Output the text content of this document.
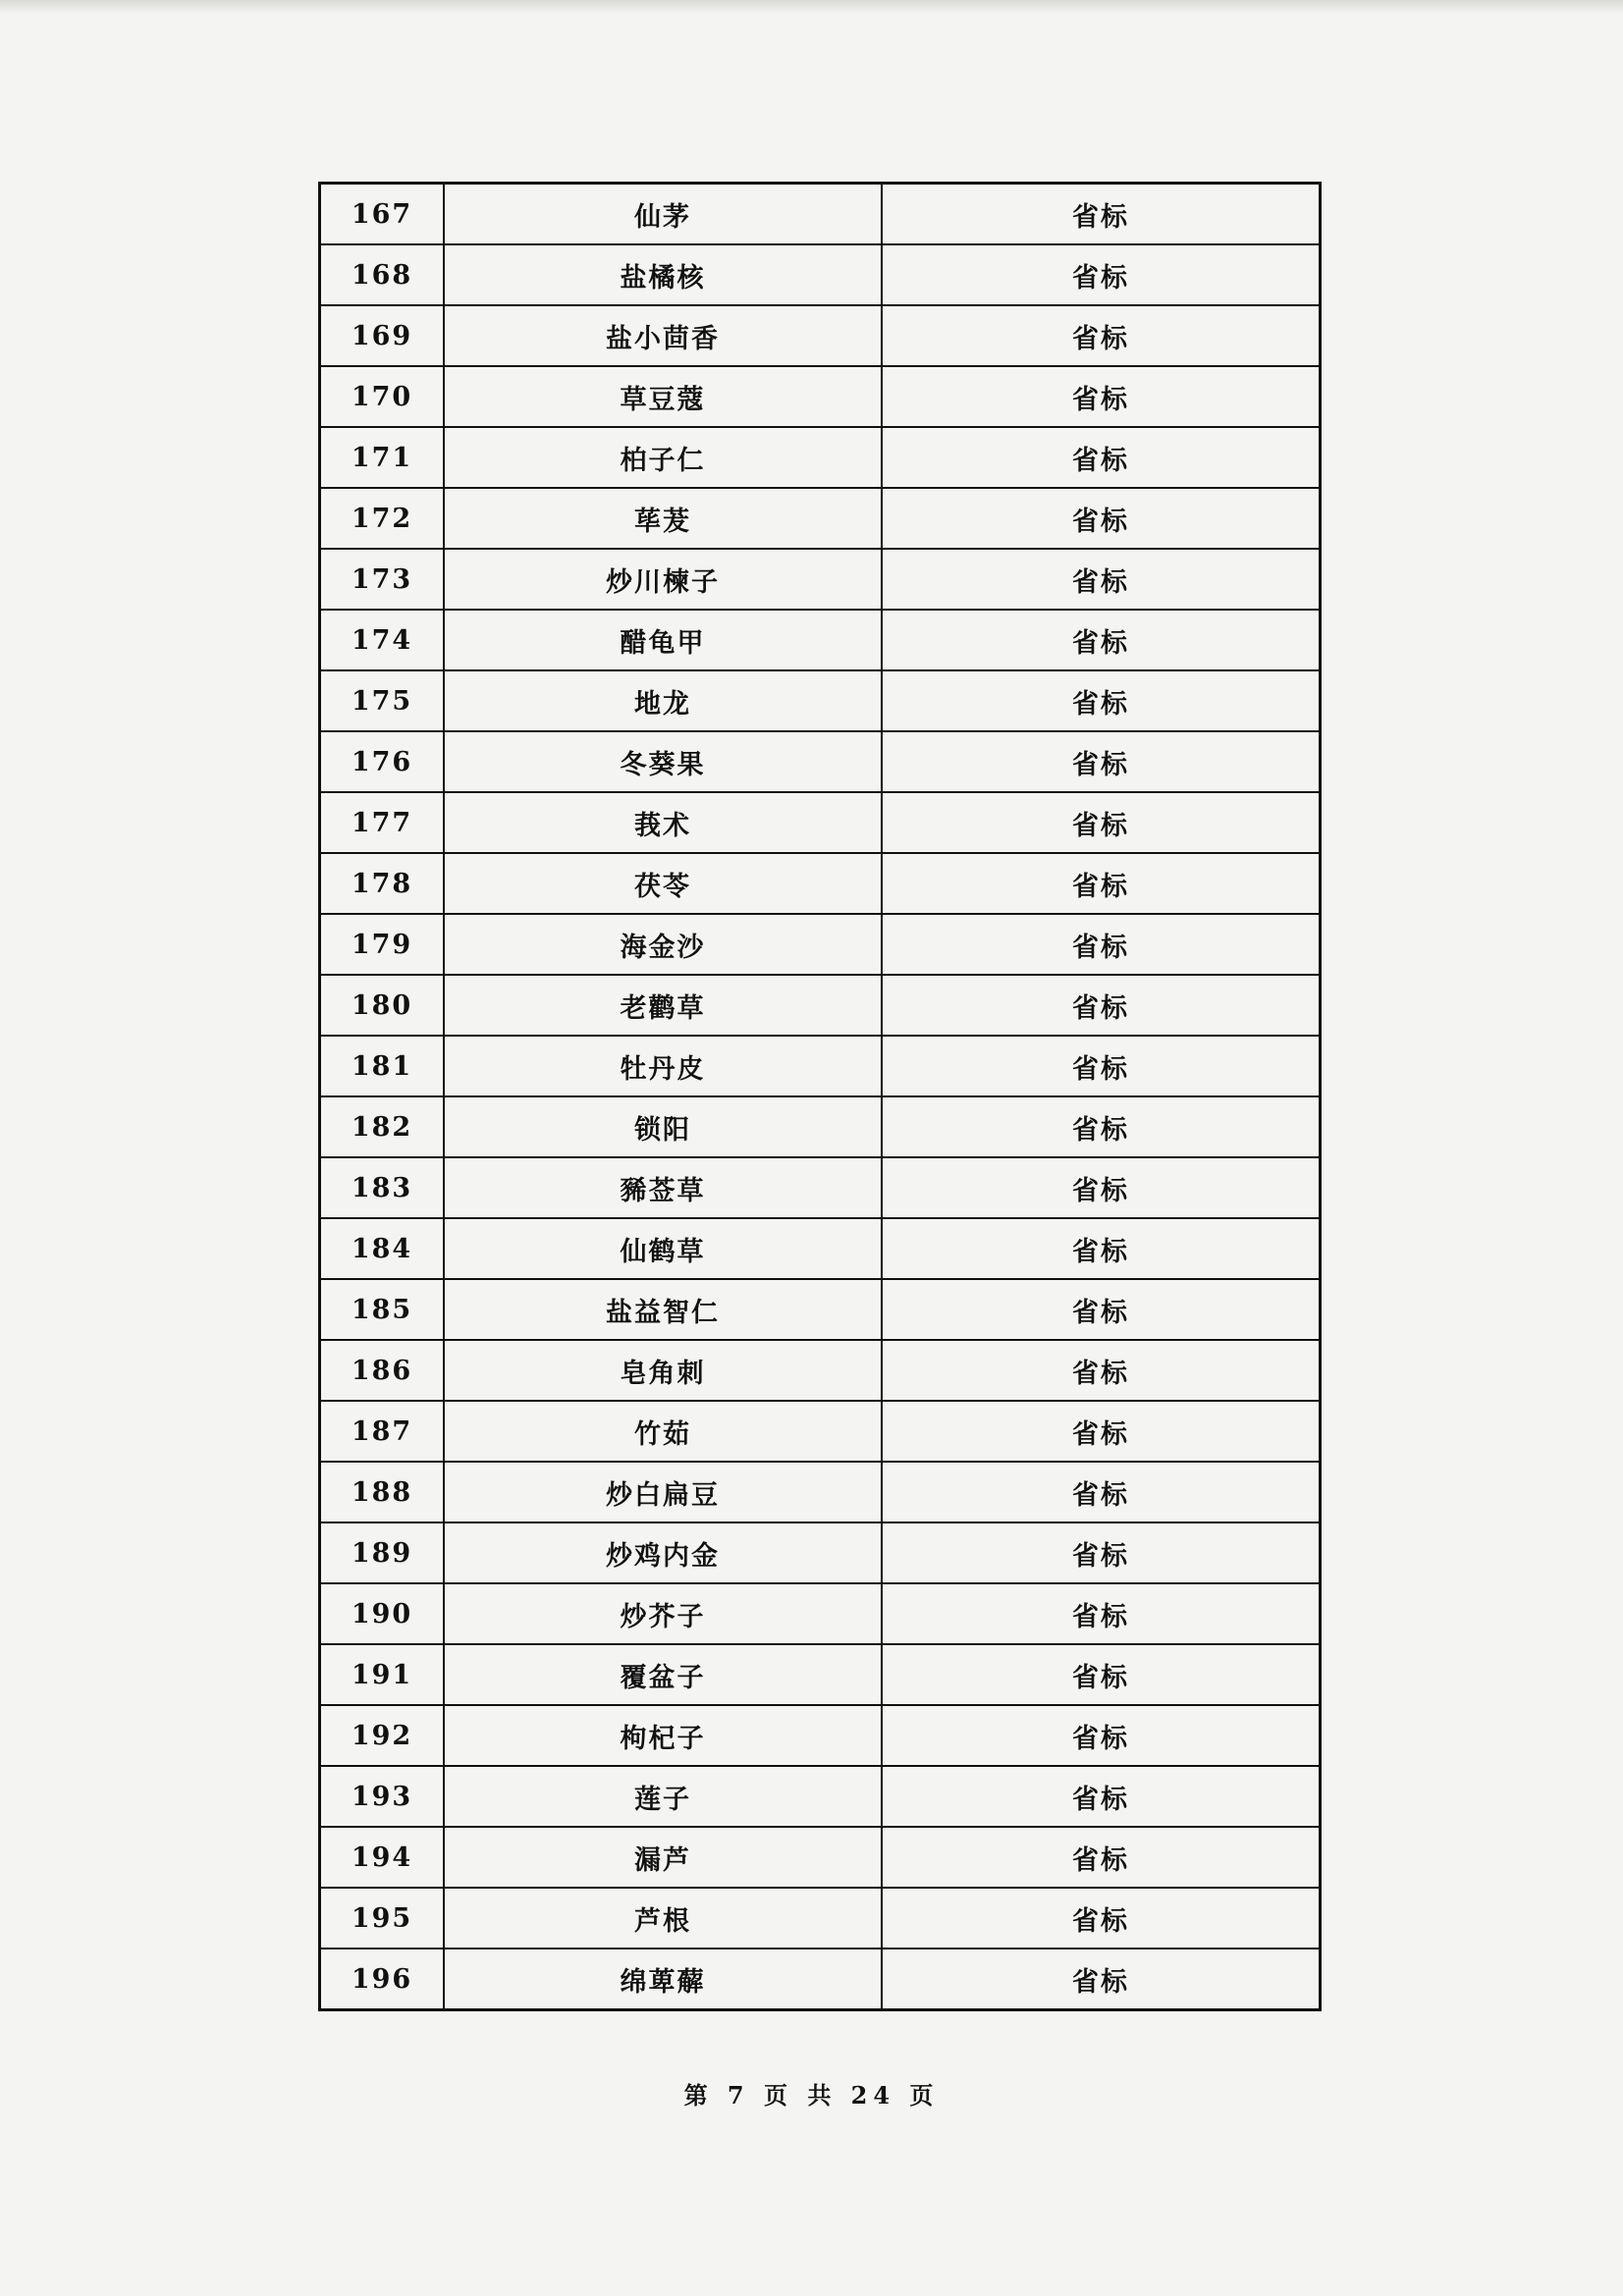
167	仙茅	省标
168	盐橘核	省标
169	盐小茴香	省标
170	草豆蔻	省标
171	柏子仁	省标
172	荜茇	省标
173	炒川楝子	省标
174	醋龟甲	省标
175	地龙	省标
176	冬葵果	省标
177	莪术	省标
178	茯苓	省标
179	海金沙	省标
180	老鹳草	省标
181	牡丹皮	省标
182	锁阳	省标
183	豨莶草	省标
184	仙鹤草	省标
185	盐益智仁	省标
186	皂角刺	省标
187	竹茹	省标
188	炒白扁豆	省标
189	炒鸡内金	省标
190	炒芥子	省标
191	覆盆子	省标
192	枸杞子	省标
193	莲子	省标
194	漏芦	省标
195	芦根	省标
196	绵萆薢	省标
第 7 页 共 24 页
